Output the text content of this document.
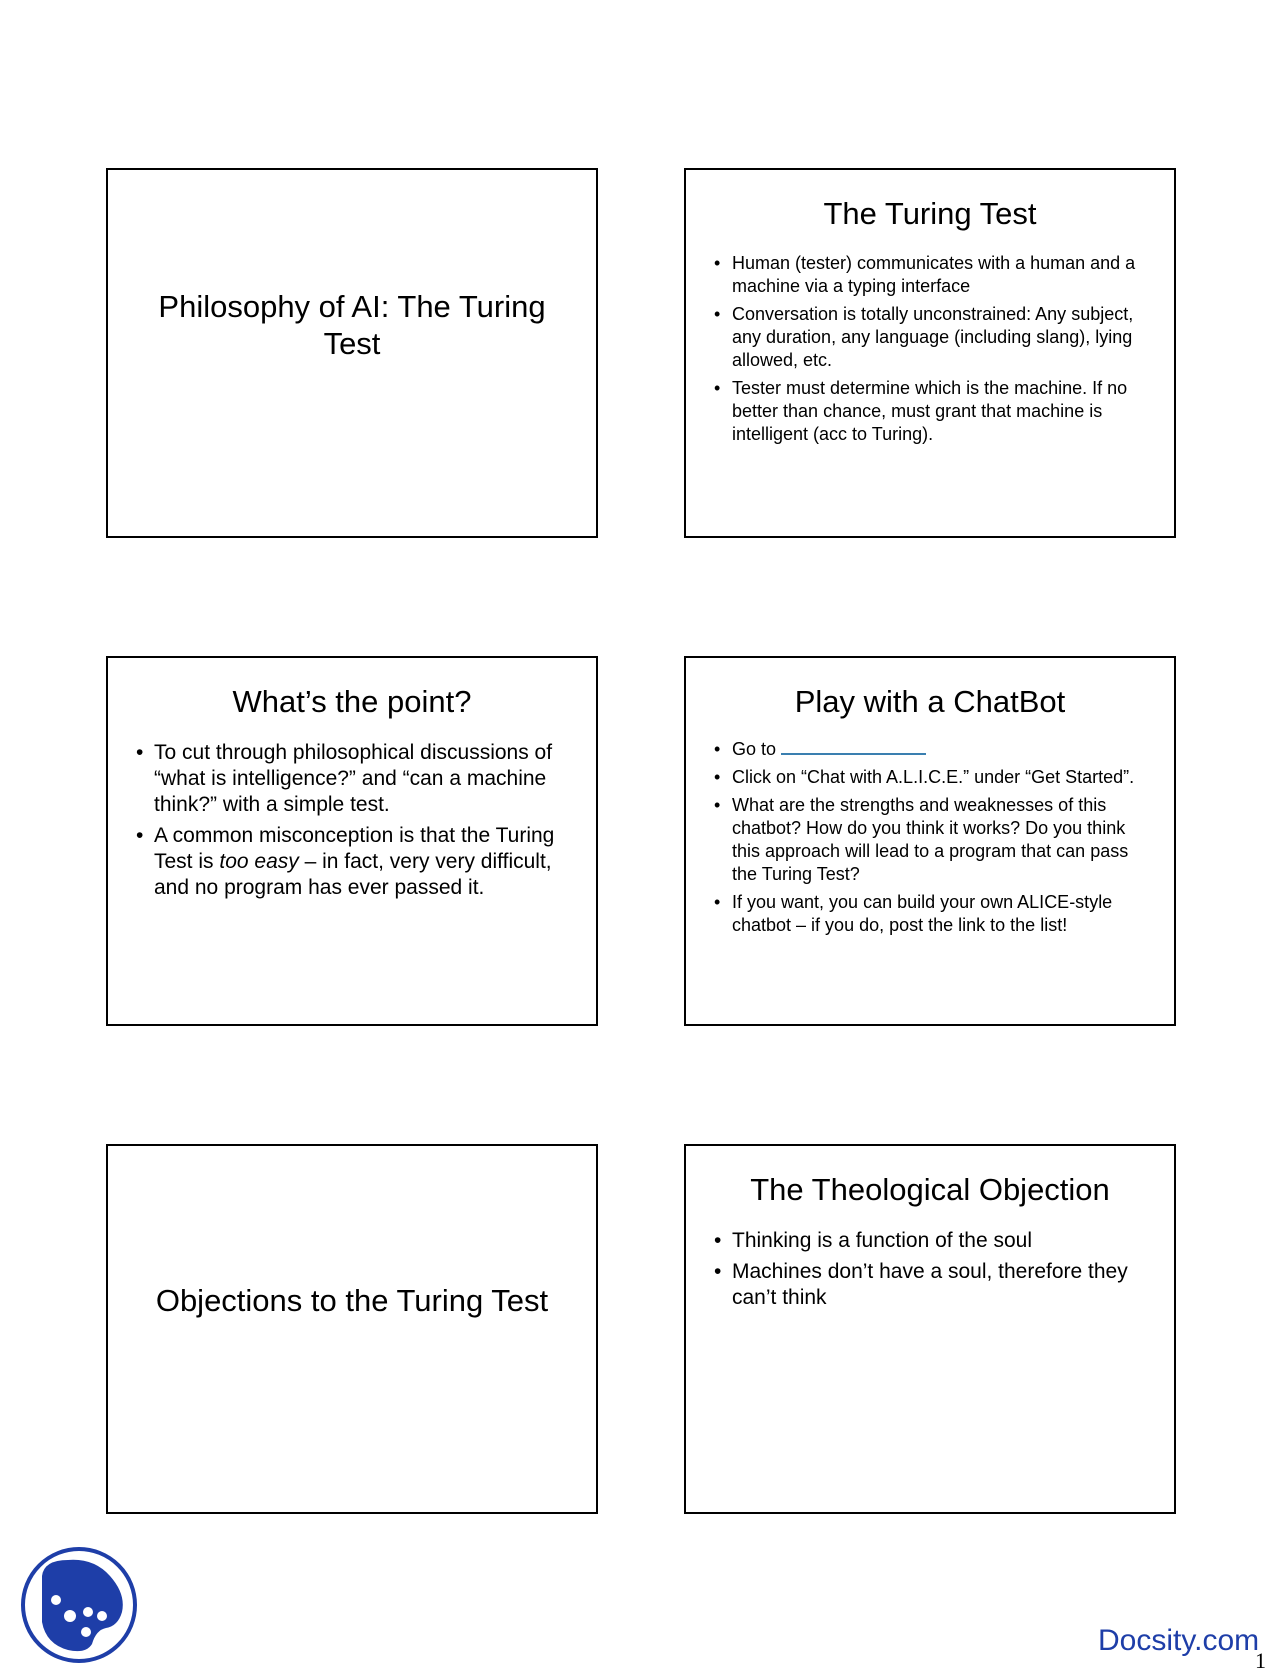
Philosophy of AI: The Turing Test
The Turing Test
• Human (tester) communicates with a human and a machine via a typing interface
• Conversation is totally unconstrained: Any subject, any duration, any language (including slang), lying allowed, etc.
• Tester must determine which is the machine. If no better than chance, must grant that machine is intelligent (acc to Turing).
What’s the point?
• To cut through philosophical discussions of “what is intelligence?” and “can a machine think?” with a simple test.
• A common misconception is that the Turing Test is too easy – in fact, very very difficult, and no program has ever passed it.
Play with a ChatBot
• Go to
• Click on “Chat with A.L.I.C.E.” under “Get Started”.
• What are the strengths and weaknesses of this chatbot? How do you think it works? Do you think this approach will lead to a program that can pass the Turing Test?
• If you want, you can build your own ALICE-style chatbot – if you do, post the link to the list!
Objections to the Turing Test
The Theological Objection
• Thinking is a function of the soul
• Machines don’t have a soul, therefore they can’t think
Docsity.com
1
